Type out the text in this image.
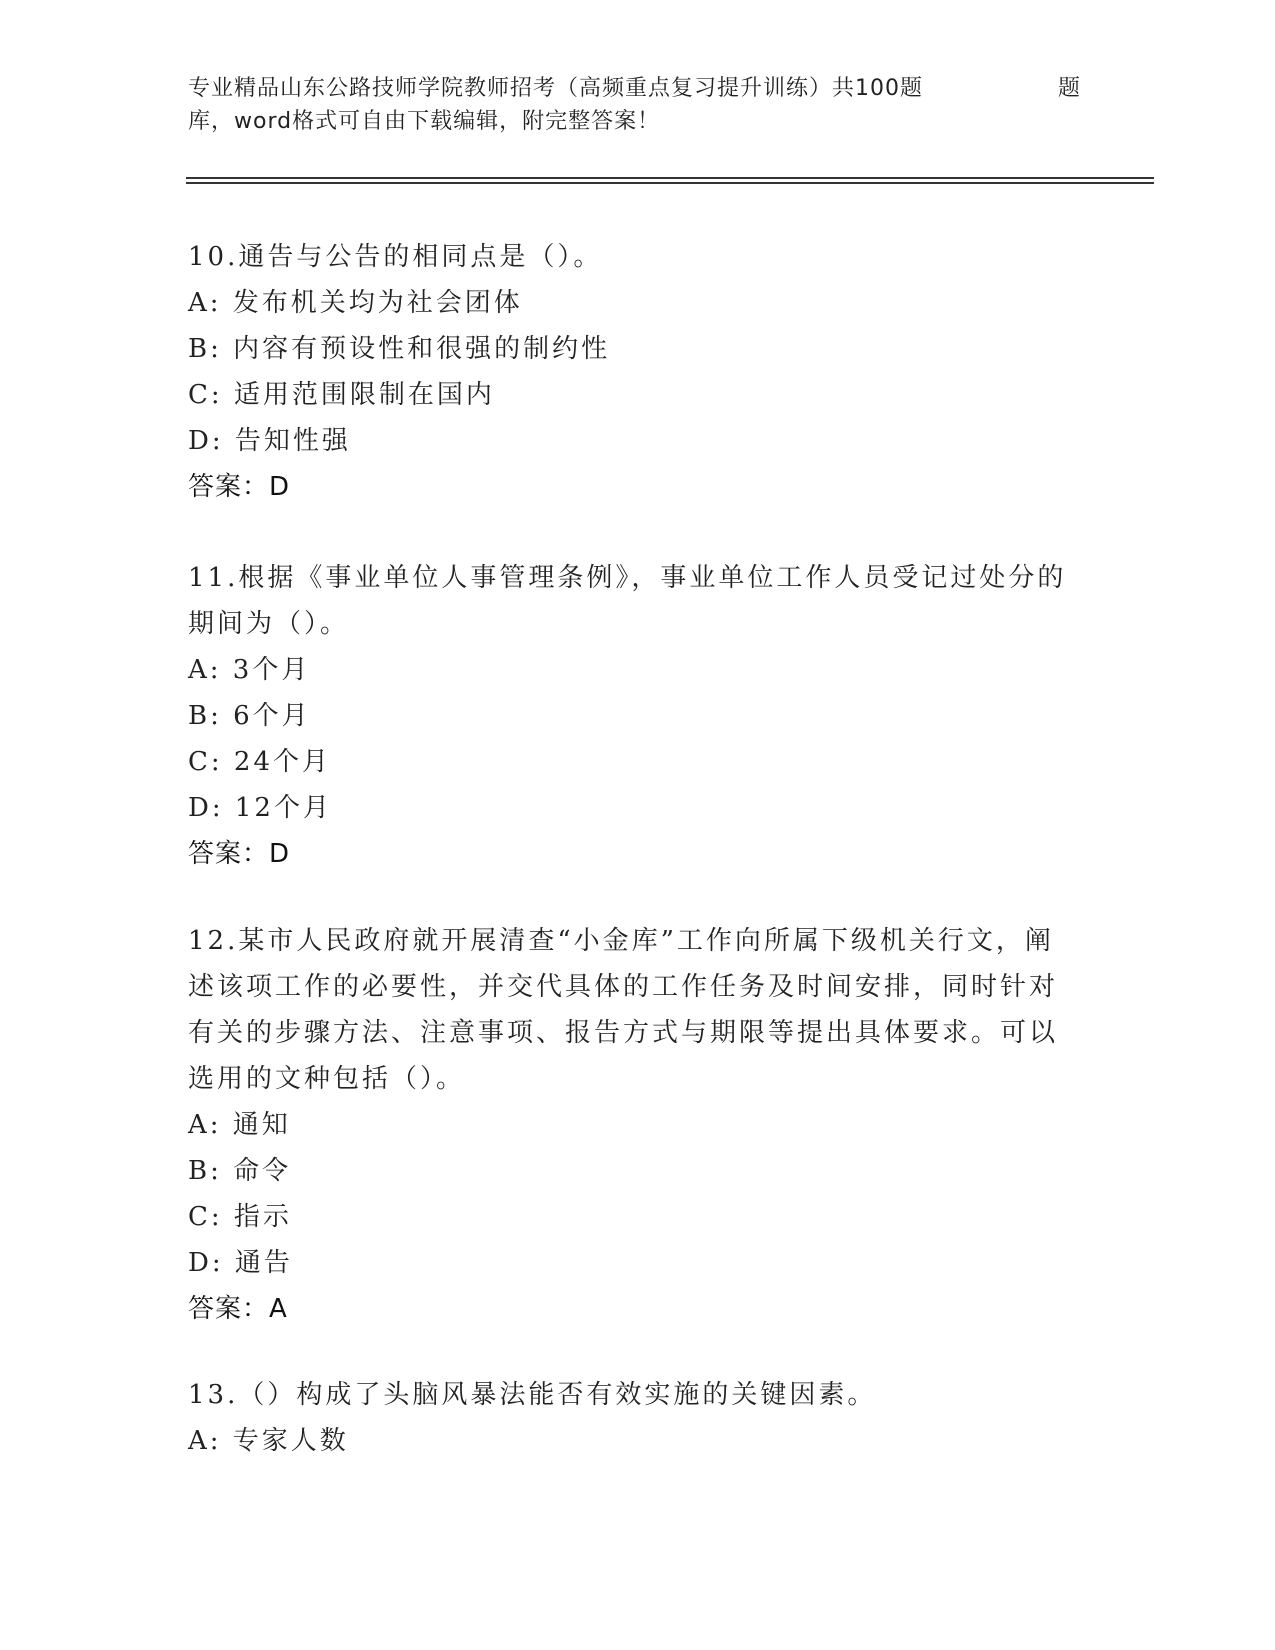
专业精品山东公路技师学院教师招考（高频重点复习提升训练）共100题	题
库，word格式可自由下载编辑，附完整答案！
10.通告与公告的相同点是（）。
A: 发布机关均为社会团体
B: 内容有预设性和很强的制约性
C: 适用范围限制在国内
D: 告知性强
答案：D
11.根据《事业单位人事管理条例》，事业单位工作人员受记过处分的期间为（）。
A: 3个月
B: 6个月
C: 24个月
D: 12个月
答案：D
12.某市人民政府就开展清查“小金库”工作向所属下级机关行文，阐述该项工作的必要性，并交代具体的工作任务及时间安排，同时针对有关的步骤方法、注意事项、报告方式与期限等提出具体要求。可以选用的文种包括（）。
A: 通知
B: 命令
C: 指示
D: 通告
答案：A
13.（）构成了头脑风暴法能否有效实施的关键因素。
A: 专家人数
